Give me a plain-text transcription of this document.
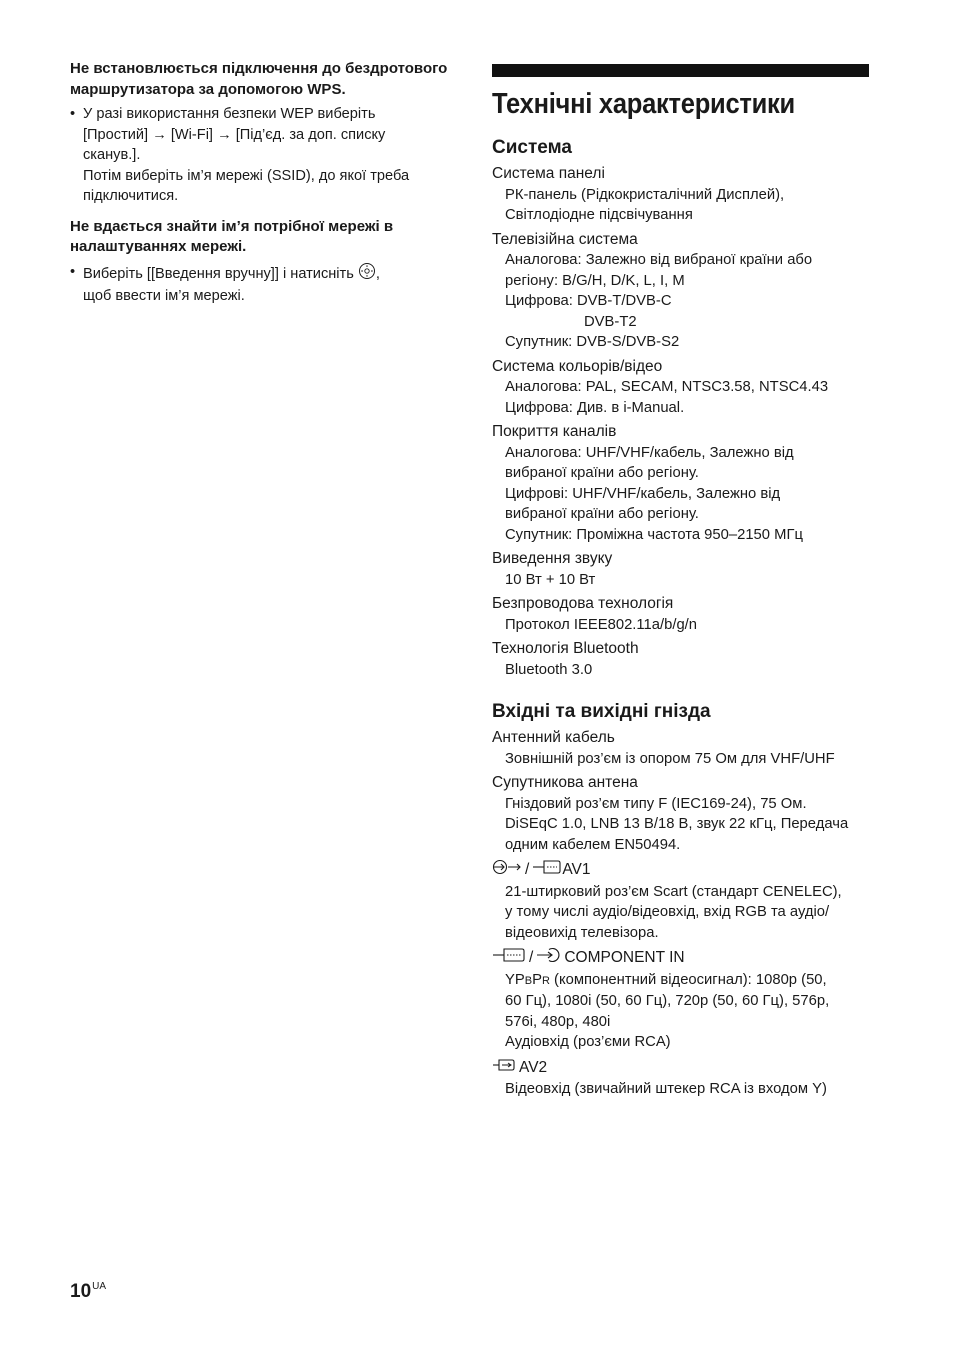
Не встановлюється підключення до бездротового маршрутизатора за допомогою WPS.

• У разі використання безпеки WEP виберіть
[Простий] → [Wi-Fi] → [Під’єд. за доп. списку
сканув.].
Потім виберіть ім’я мережі (SSID), до якої треба
підключитися.

Не вдається знайти ім’я потрібної мережі в налаштуваннях мережі.

• Виберіть [[Введення вручну]] і натисніть ,
щоб ввести ім’я мережі.
Технічні характеристики
Система
Система панелі
РК-панель (Рідкокристалічний Дисплей),
Світлодіодне підсвічування
Телевізійна система
Аналогова: Залежно від вибраної країни або
регіону: B/G/H, D/K, L, I, M
Цифрова: DVB-T/DVB-C
DVB-T2
Супутник: DVB-S/DVB-S2
Система кольорів/відео
Аналогова: PAL, SECAM, NTSC3.58, NTSC4.43
Цифрова: Див. в i-Manual.
Покриття каналів
Аналогова: UHF/VHF/кабель, Залежно від
вибраної країни або регіону.
Цифрові: UHF/VHF/кабель, Залежно від
вибраної країни або регіону.
Супутник: Проміжна частота 950–2150 МГц
Виведення звуку
10 Вт + 10 Вт
Безпроводова технологія
Протокол IEEE802.11a/b/g/n
Технологія Bluetooth
Bluetooth 3.0
Вхідні та вихідні гнізда
Антенний кабель
Зовнішній роз’єм із опором 75 Ом для VHF/UHF
Супутникова антена
Гніздовий роз’єм типу F (IEC169-24), 75 Ом.
DiSEqC 1.0, LNB 13 В/18 В, звук 22 кГц, Передача
одним кабелем EN50494.
/ AV1
21-штирковий роз’єм Scart (стандарт CENELEC),
у тому числі аудіо/відеовхід, вхід RGB та аудіо/
відеовихід телевізора.
/ COMPONENT IN
YPBPR (компонентний відеосигнал): 1080p (50,
60 Гц), 1080i (50, 60 Гц), 720p (50, 60 Гц), 576p,
576i, 480p, 480i
Аудіовхід (роз’єми RCA)
AV2
Відеовхід (звичайний штекер RCA із входом Y)
$10^{UA}$
